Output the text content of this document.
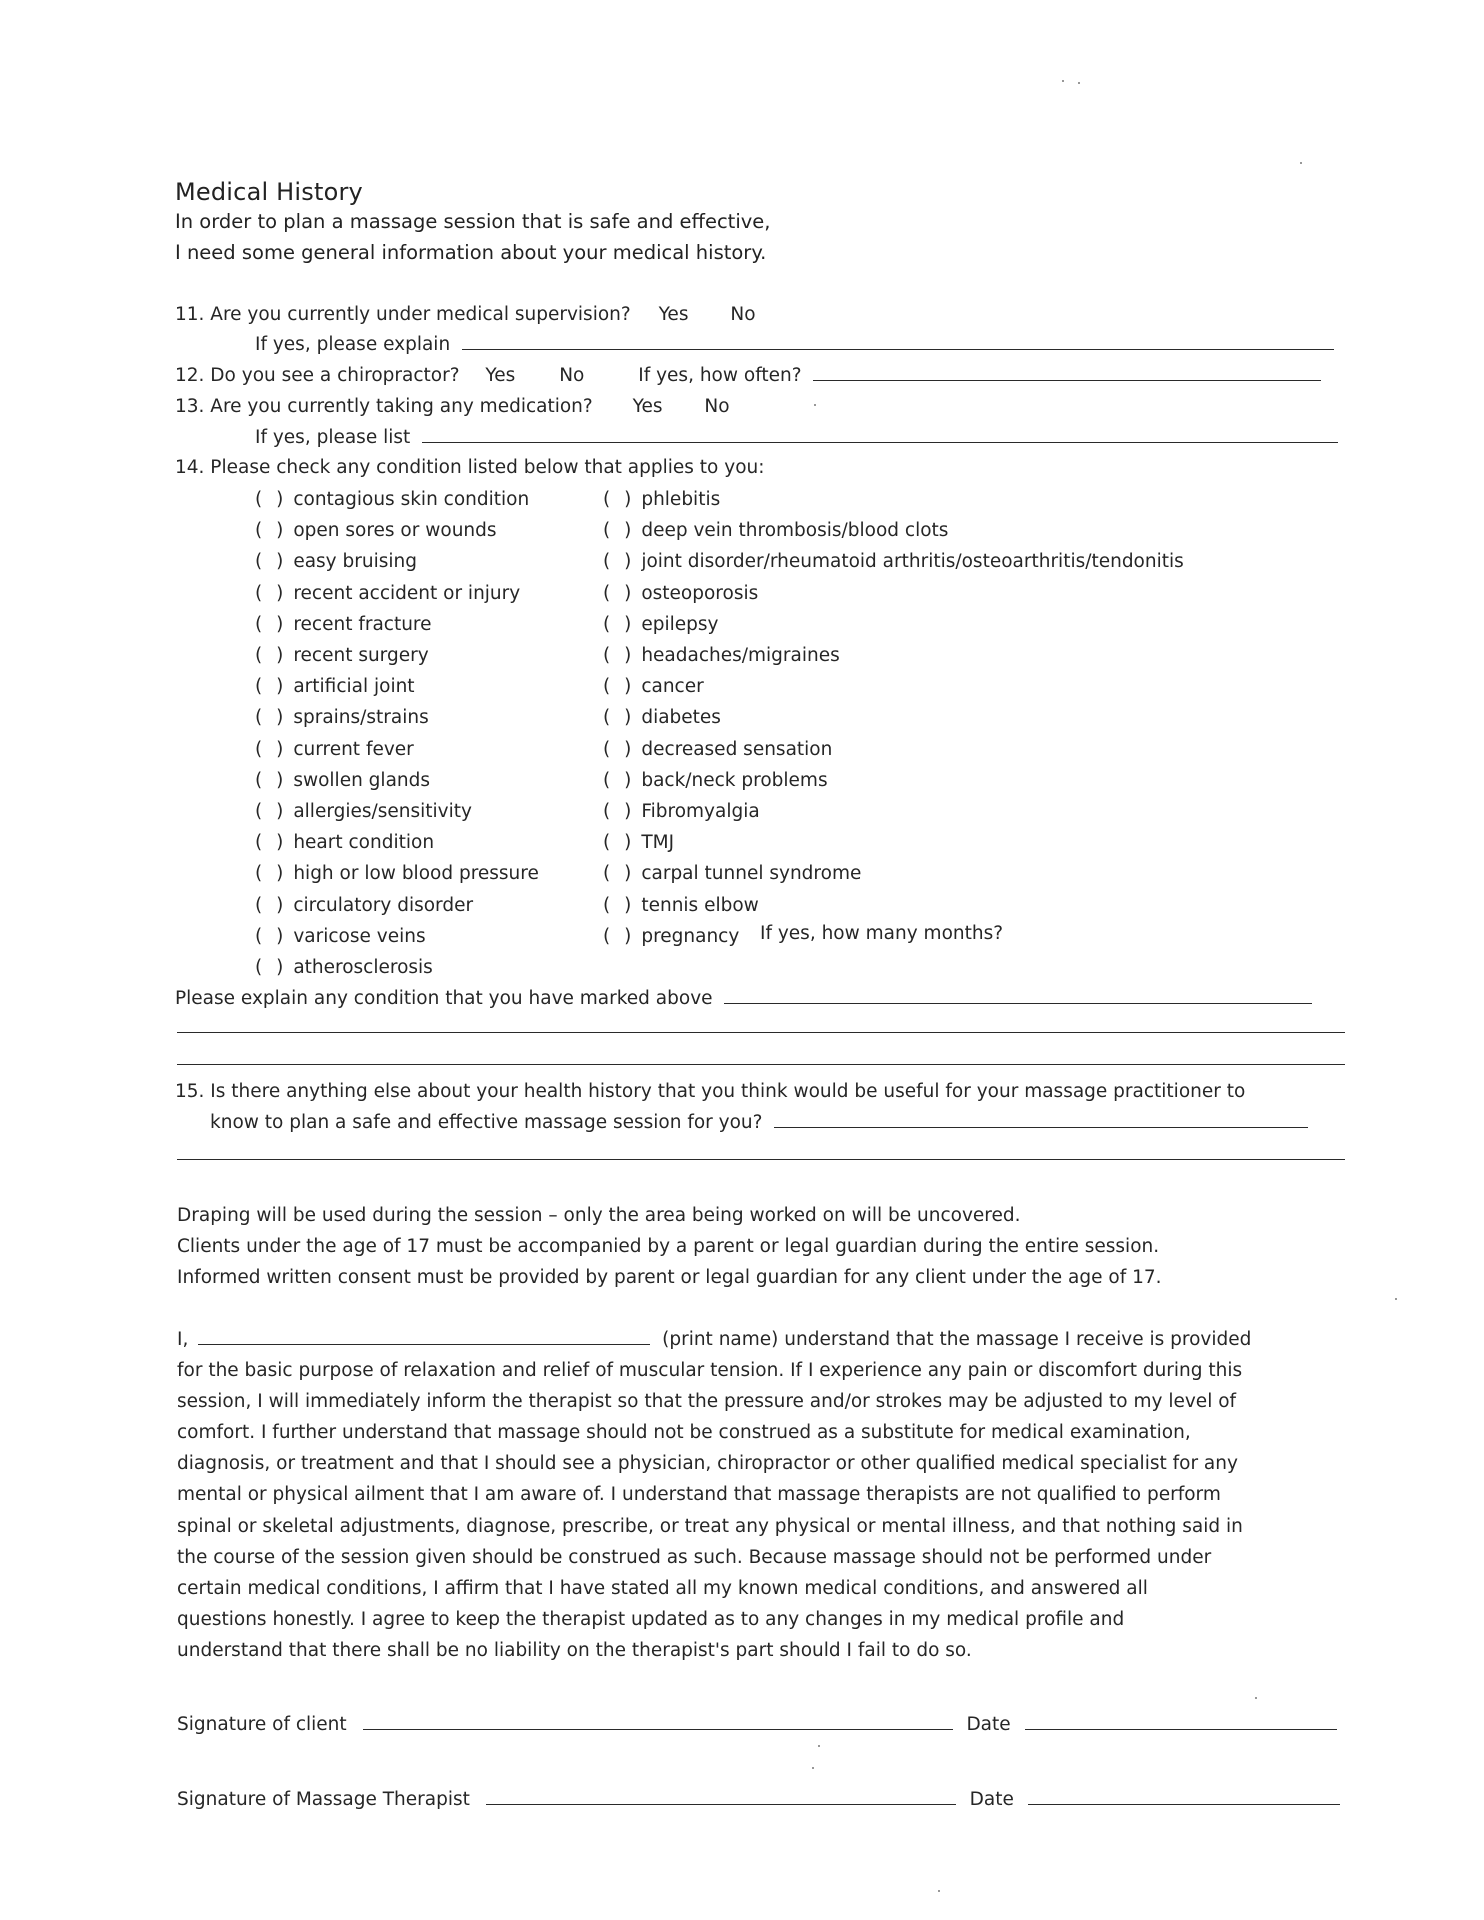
Medical History
In order to plan a massage session that is safe and effective,
I need some general information about your medical history.
11. Are you currently under medical supervision? Yes No
If yes, please explain
12. Do you see a chiropractor? Yes No	If yes, how often?
13. Are you currently taking any medication? Yes No
If yes, please list
14. Please check any condition listed below that applies to you:
( ) contagious skin condition
( ) open sores or wounds
( ) easy bruising
( ) recent accident or injury
( ) recent fracture
( ) recent surgery
( ) artificial joint
( ) sprains/strains
( ) current fever
( ) swollen glands
( ) allergies/sensitivity
( ) heart condition
( ) high or low blood pressure
( ) circulatory disorder
( ) varicose veins
( ) atherosclerosis
( ) phlebitis
( ) deep vein thrombosis/blood clots
( ) joint disorder/rheumatoid arthritis/osteoarthritis/tendonitis
( ) osteoporosis
( ) epilepsy
( ) headaches/migraines
( ) cancer
( ) diabetes
( ) decreased sensation
( ) back/neck problems
( ) Fibromyalgia
( ) TMJ
( ) carpal tunnel syndrome
( ) tennis elbow
( ) pregnancy If yes, how many months?
Please explain any condition that you have marked above
15. Is there anything else about your health history that you think would be useful for your massage practitioner to
know to plan a safe and effective massage session for you?
Draping will be used during the session – only the area being worked on will be uncovered.
Clients under the age of 17 must be accompanied by a parent or legal guardian during the entire session.
Informed written consent must be provided by parent or legal guardian for any client under the age of 17.
I,	(print name) understand that the massage I receive is provided
for the basic purpose of relaxation and relief of muscular tension. If I experience any pain or discomfort during this
session, I will immediately inform the therapist so that the pressure and/or strokes may be adjusted to my level of
comfort. I further understand that massage should not be construed as a substitute for medical examination,
diagnosis, or treatment and that I should see a physician, chiropractor or other qualified medical specialist for any
mental or physical ailment that I am aware of. I understand that massage therapists are not qualified to perform
spinal or skeletal adjustments, diagnose, prescribe, or treat any physical or mental illness, and that nothing said in
the course of the session given should be construed as such. Because massage should not be performed under
certain medical conditions, I affirm that I have stated all my known medical conditions, and answered all
questions honestly. I agree to keep the therapist updated as to any changes in my medical profile and
understand that there shall be no liability on the therapist's part should I fail to do so.
Signature of client	Date
Signature of Massage Therapist	Date
